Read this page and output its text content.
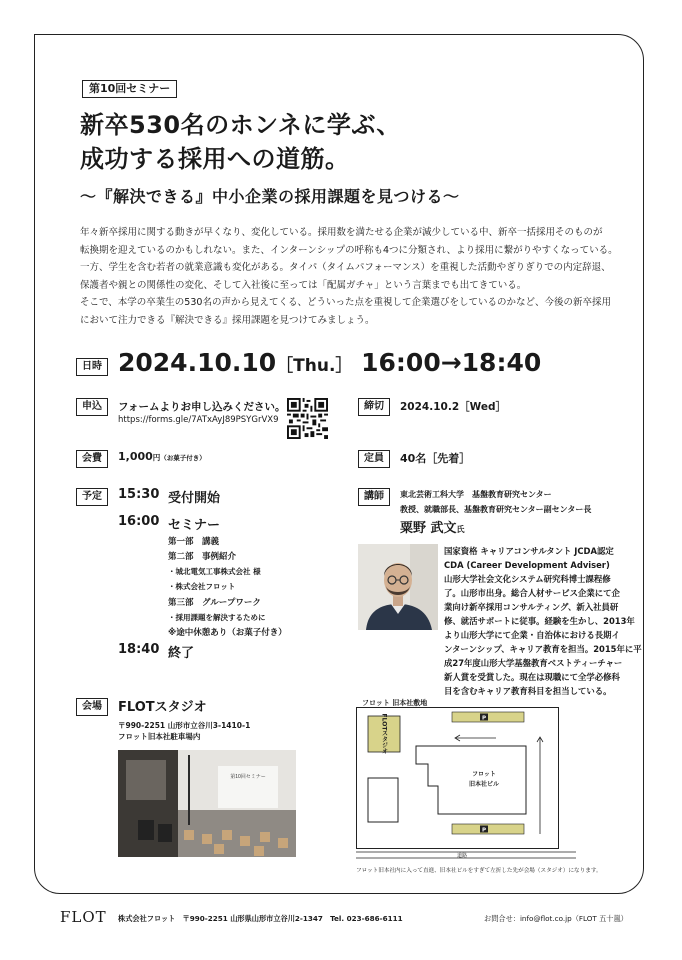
第10回セミナー
新卒530名のホンネに学ぶ、
成功する採用への道筋。
〜『解決できる』中小企業の採用課題を見つける〜

年々新卒採用に関する動きが早くなり、変化している。採用数を満たせる企業が減少している中、新卒一括採用そのものが

転換期を迎えているのかもしれない。また、インターンシップの呼称も4つに分類され、より採用に繋がりやすくなっている。

一方、学生を含む若者の就業意識も変化がある。タイパ（タイムパフォーマンス）を重視した活動やぎりぎりでの内定辞退、

保護者や親との関係性の変化、そして入社後に至っては「配属ガチャ」という言葉までも出てきている。

そこで、本学の卒業生の530名の声から見えてくる、どういった点を重視して企業選びをしているのかなど、今後の新卒採用

において注力できる『解決できる』採用課題を見つけてみましょう。

日時 2024.10.10［Thu.］ 16:00→18:40
申込	フォームよりお申し込みください。
https://forms.gle/7ATxAyJ89PSYGrVX9
締切	2024.10.2［Wed］
会費	1,000円（お菓子付き）	定員	40名［先着］
予定	15:30 受付開始
16:00 セミナー
第一部　講義
第二部　事例紹介
・城北電気工事株式会社 様
・株式会社フロット
第三部　グループワーク
・採用課題を解決するために
※途中休憩あり（お菓子付き）
18:40 終了
講師	東北芸術工科大学　基盤教育研究センター
教授、就職部長、基盤教育研究センター副センター長
粟野 武文氏
国家資格 キャリアコンサルタント JCDA認定
CDA (Career Development Adviser)
山形大学社会文化システム研究科博士課程修
了。山形市出身。総合人材サービス企業にて企
業向け新卒採用コンサルティング、新入社員研
修、就活サポートに従事。経験を生かし、2013年
より山形大学にて企業・自治体における長期イ
ンターンシップ、キャリア教育を担当。2015年に平
成27年度山形大学基盤教育ベストティーチャー
新人賞を受賞した。現在は現職にて全学必修科
目を含むキャリア教育科目を担当している。
会場	FLOTスタジオ
〒990-2251 山形市立谷川3-1410-1
フロット旧本社駐車場内
第10回セミナー
フロット 旧本社敷地
FLOTスタジオ	P
P
フロット
旧本社ビル
道路
フロット旧本社内に入って直進、旧本社ビルをすぎて左折した先が会場（スタジオ）になります。
FLOT 株式会社フロット　〒990-2251 山形県山形市立谷川2-1347　Tel. 023-686-6111	お問合せ：info@flot.co.jp（FLOT 五十嵐）
